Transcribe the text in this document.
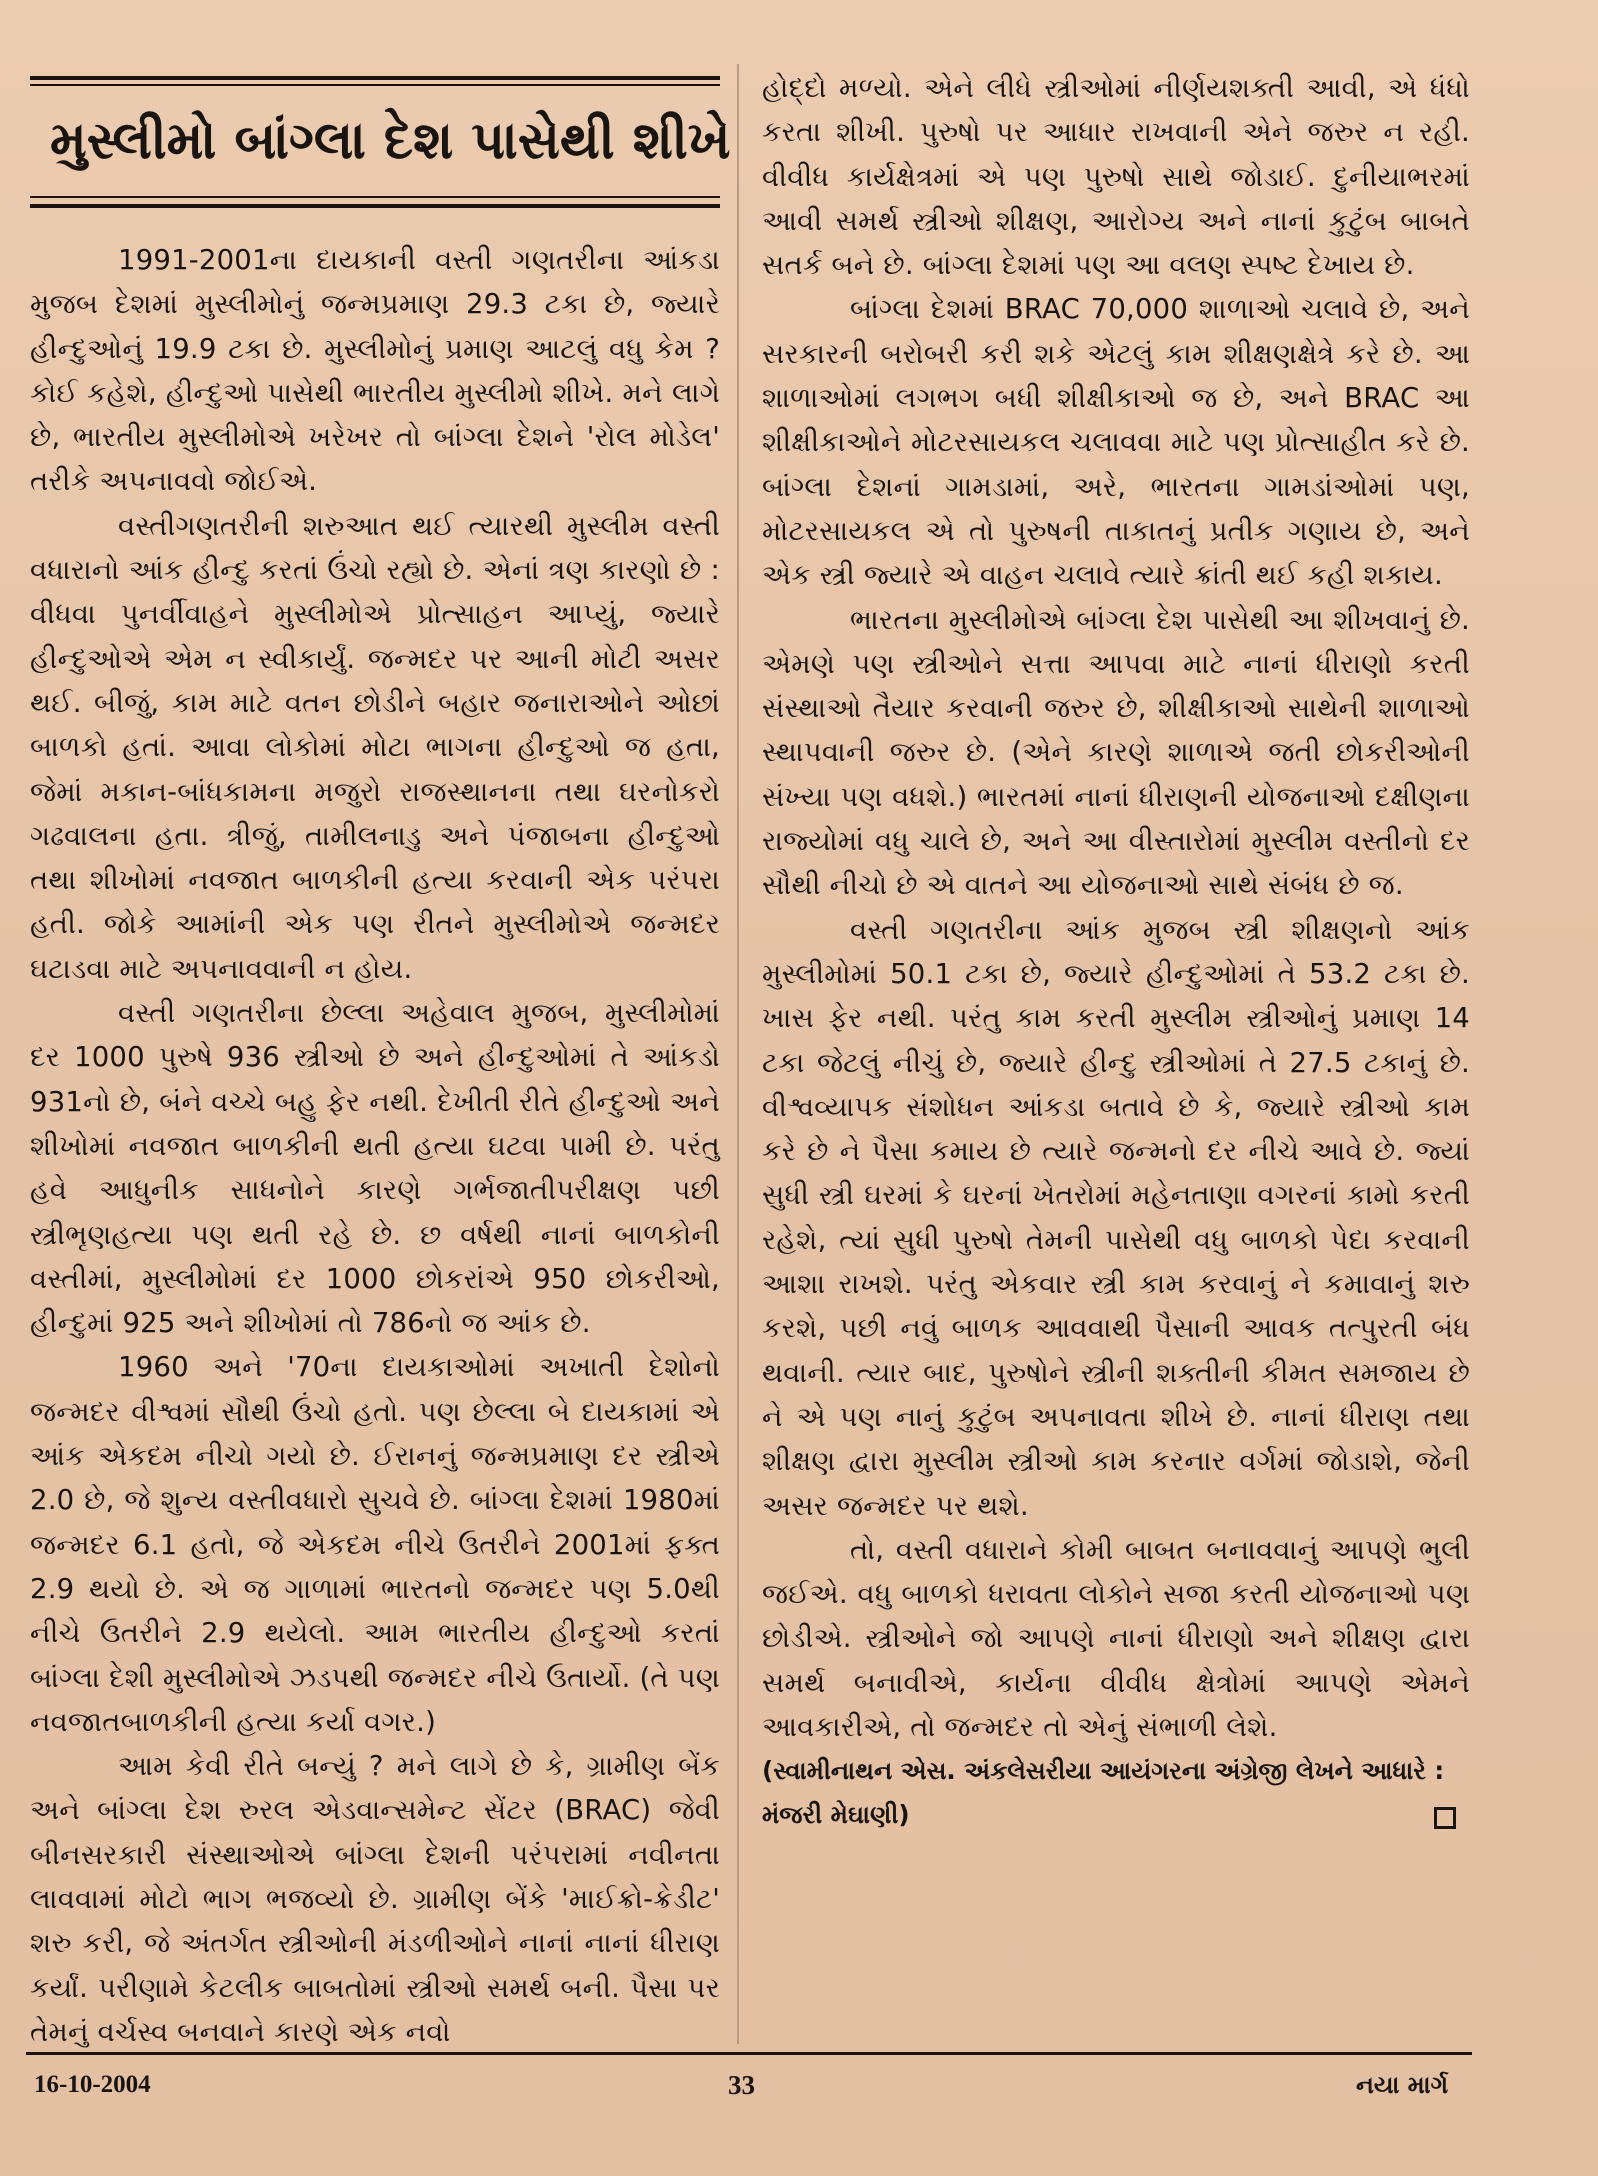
મુસ્લીમો બાંગ્લા દેશ પાસેથી શીખે

1991-2001ના દાયકાની વસ્તી ગણતરીના આંકડા મુજબ દેશમાં મુસ્લીમોનું જન્મપ્રમાણ 29.3 ટકા છે, જ્યારે હીન્દુઓનું 19.9 ટકા છે. મુસ્લીમોનું પ્રમાણ આટલું વધુ કેમ ? કોઈ કહેશે, હીન્દુઓ પાસેથી ભારતીય મુસ્લીમો શીખે. મને લાગે છે, ભારતીય મુસ્લીમોએ ખરેખર તો બાંગ્લા દેશને 'રોલ મોડેલ' તરીકે અપનાવવો જોઈએ.

વસ્તીગણતરીની શરુઆત થઈ ત્યારથી મુસ્લીમ વસ્તી વધારાનો આંક હીન્દુ કરતાં ઉંચો રહ્યો છે. એનાં ત્રણ કારણો છે : વીધવા પુનર્વીવાહને મુસ્લીમોએ પ્રોત્સાહન આપ્યું, જ્યારે હીન્દુઓએ એમ ન સ્વીકાર્યું. જન્મદર પર આની મોટી અસર થઈ. બીજું, કામ માટે વતન છોડીને બહાર જનારાઓને ઓછાં બાળકો હતાં. આવા લોકોમાં મોટા ભાગના હીન્દુઓ જ હતા, જેમાં મકાન-બાંધકામના મજુરો રાજસ્થાનના તથા ઘરનોકરો ગઢવાલના હતા. ત્રીજું, તામીલનાડુ અને પંજાબના હીન્દુઓ તથા શીખોમાં નવજાત બાળકીની હત્યા કરવાની એક પરંપરા હતી. જોકે આમાંની એક પણ રીતને મુસ્લીમોએ જન્મદર ઘટાડવા માટે અપનાવવાની ન હોય.

વસ્તી ગણતરીના છેલ્લા અહેવાલ મુજબ, મુસ્લીમોમાં દર 1000 પુરુષે 936 સ્ત્રીઓ છે અને હીન્દુઓમાં તે આંકડો 931નો છે, બંને વચ્ચે બહુ ફેર નથી. દેખીતી રીતે હીન્દુઓ અને શીખોમાં નવજાત બાળકીની થતી હત્યા ઘટવા પામી છે. પરંતુ હવે આધુનીક સાધનોને કારણે ગર્ભજાતીપરીક્ષણ પછી સ્ત્રીભૃણહત્યા પણ થતી રહે છે. છ વર્ષથી નાનાં બાળકોની વસ્તીમાં, મુસ્લીમોમાં દર 1000 છોકરાંએ 950 છોકરીઓ, હીન્દુમાં 925 અને શીખોમાં તો 786નો જ આંક છે.

1960 અને '70ના દાયકાઓમાં અખાતી દેશોનો જન્મદર વીશ્વમાં સૌથી ઉંચો હતો. પણ છેલ્લા બે દાયકામાં એ આંક એકદમ નીચો ગયો છે. ઈરાનનું જન્મપ્રમાણ દર સ્ત્રીએ 2.0 છે, જે શુન્ય વસ્તીવધારો સુચવે છે. બાંગ્લા દેશમાં 1980માં જન્મદર 6.1 હતો, જે એકદમ નીચે ઉતરીને 2001માં ફક્ત 2.9 થયો છે. એ જ ગાળામાં ભારતનો જન્મદર પણ 5.0થી નીચે ઉતરીને 2.9 થયેલો. આમ ભારતીય હીન્દુઓ કરતાં બાંગ્લા દેશી મુસ્લીમોએ ઝડપથી જન્મદર નીચે ઉતાર્યો. (તે પણ નવજાતબાળકીની હત્યા કર્યા વગર.)

આમ કેવી રીતે બન્યું ? મને લાગે છે કે, ગ્રામીણ બેંક અને બાંગ્લા દેશ રુરલ એડવાન્સમેન્ટ સેંટર (BRAC) જેવી બીનસરકારી સંસ્થાઓએ બાંગ્લા દેશની પરંપરામાં નવીનતા લાવવામાં મોટો ભાગ ભજવ્યો છે. ગ્રામીણ બેંકે 'માઈક્રો-ક્રેડીટ' શરુ કરી, જે અંતર્ગત સ્ત્રીઓની મંડળીઓને નાનાં નાનાં ધીરાણ કર્યાં. પરીણામે કેટલીક બાબતોમાં સ્ત્રીઓ સમર્થ બની. પૈસા પર તેમનું વર્ચસ્વ બનવાને કારણે એક નવો

હોદ્દો મળ્યો. એને લીધે સ્ત્રીઓમાં નીર્ણયશક્તી આવી, એ ધંધો કરતા શીખી. પુરુષો પર આધાર રાખવાની એને જરુર ન રહી. વીવીધ કાર્યક્ષેત્રમાં એ પણ પુરુષો સાથે જોડાઈ. દુનીયાભરમાં આવી સમર્થ સ્ત્રીઓ શીક્ષણ, આરોગ્ય અને નાનાં કુટુંબ બાબતે સતર્ક બને છે. બાંગ્લા દેશમાં પણ આ વલણ સ્પષ્ટ દેખાય છે.

બાંગ્લા દેશમાં BRAC 70,000 શાળાઓ ચલાવે છે, અને સરકારની બરોબરી કરી શકે એટલું કામ શીક્ષણક્ષેત્રે કરે છે. આ શાળાઓમાં લગભગ બધી શીક્ષીકાઓ જ છે, અને BRAC આ શીક્ષીકાઓને મોટરસાયકલ ચલાવવા માટે પણ પ્રોત્સાહીત કરે છે. બાંગ્લા દેશનાં ગામડામાં, અરે, ભારતના ગામડાંઓમાં પણ, મોટરસાયકલ એ તો પુરુષની તાકાતનું પ્રતીક ગણાય છે, અને એક સ્ત્રી જ્યારે એ વાહન ચલાવે ત્યારે ક્રાંતી થઈ કહી શકાય.

ભારતના મુસ્લીમોએ બાંગ્લા દેશ પાસેથી આ શીખવાનું છે. એમણે પણ સ્ત્રીઓને સત્તા આપવા માટે નાનાં ધીરાણો કરતી સંસ્થાઓ તૈયાર કરવાની જરુર છે, શીક્ષીકાઓ સાથેની શાળાઓ સ્થાપવાની જરુર છે. (એને કારણે શાળાએ જતી છોકરીઓની સંખ્યા પણ વધશે.) ભારતમાં નાનાં ધીરાણની યોજનાઓ દક્ષીણના રાજ્યોમાં વધુ ચાલે છે, અને આ વીસ્તારોમાં મુસ્લીમ વસ્તીનો દર સૌથી નીચો છે એ વાતને આ યોજનાઓ સાથે સંબંધ છે જ.

વસ્તી ગણતરીના આંક મુજબ સ્ત્રી શીક્ષણનો આંક મુસ્લીમોમાં 50.1 ટકા છે, જ્યારે હીન્દુઓમાં તે 53.2 ટકા છે. ખાસ ફેર નથી. પરંતુ કામ કરતી મુસ્લીમ સ્ત્રીઓનું પ્રમાણ 14 ટકા જેટલું નીચું છે, જ્યારે હીન્દુ સ્ત્રીઓમાં તે 27.5 ટકાનું છે. વીશ્વવ્યાપક સંશોધન આંકડા બતાવે છે કે, જ્યારે સ્ત્રીઓ કામ કરે છે ને પૈસા કમાય છે ત્યારે જન્મનો દર નીચે આવે છે. જ્યાં સુધી સ્ત્રી ઘરમાં કે ઘરનાં ખેતરોમાં મહેનતાણા વગરનાં કામો કરતી રહેશે, ત્યાં સુધી પુરુષો તેમની પાસેથી વધુ બાળકો પેદા કરવાની આશા રાખશે. પરંતુ એકવાર સ્ત્રી કામ કરવાનું ને કમાવાનું શરુ કરશે, પછી નવું બાળક આવવાથી પૈસાની આવક તત્પુરતી બંધ થવાની. ત્યાર બાદ, પુરુષોને સ્ત્રીની શક્તીની કીમત સમજાય છે ને એ પણ નાનું કુટુંબ અપનાવતા શીખે છે. નાનાં ધીરાણ તથા શીક્ષણ દ્વારા મુસ્લીમ સ્ત્રીઓ કામ કરનાર વર્ગમાં જોડાશે, જેની અસર જન્મદર પર થશે.

તો, વસ્તી વધારાને કોમી બાબત બનાવવાનું આપણે ભુલી જઈએ. વધુ બાળકો ધરાવતા લોકોને સજા કરતી યોજનાઓ પણ છોડીએ. સ્ત્રીઓને જો આપણે નાનાં ધીરાણો અને શીક્ષણ દ્વારા સમર્થ બનાવીએ, કાર્યના વીવીધ ક્ષેત્રોમાં આપણે એમને આવકારીએ, તો જન્મદર તો એનું સંભાળી લેશે.

(સ્વામીનાથન એસ. અંકલેસરીયા આયંગરના અંગ્રેજી લેખને આધારે : મંજરી મેઘાણી)

16-10-2004	33	નયા માર્ગ
